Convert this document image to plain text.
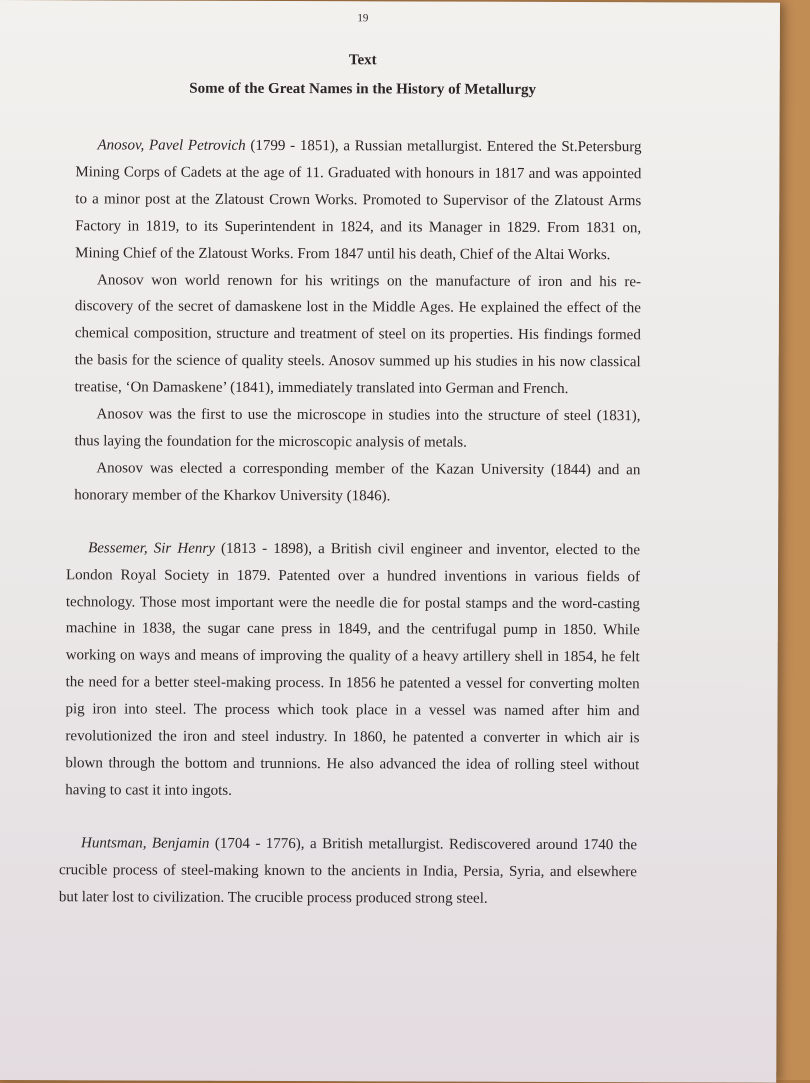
19
Text
Some of the Great Names in the History of Metallurgy

Anosov, Pavel Petrovich (1799 - 1851), a Russian metallurgist. Entered the St.Petersburg Mining Corps of Cadets at the age of 11. Graduated with honours in 1817 and was appointed to a minor post at the Zlatoust Crown Works. Promoted to Supervisor of the Zlatoust Arms Factory in 1819, to its Superintendent in 1824, and its Manager in 1829. From 1831 on, Mining Chief of the Zlatoust Works. From 1847 until his death, Chief of the Altai Works.

Anosov won world renown for his writings on the manufacture of iron and his re-discovery of the secret of damaskene lost in the Middle Ages. He explained the effect of the chemical composition, structure and treatment of steel on its properties. His findings formed the basis for the science of quality steels. Anosov summed up his studies in his now classical treatise, ‘On Damaskene’ (1841), immediately translated into German and French.

Anosov was the first to use the microscope in studies into the structure of steel (1831), thus laying the foundation for the microscopic analysis of metals.

Anosov was elected a corresponding member of the Kazan University (1844) and an honorary member of the Kharkov University (1846).

Bessemer, Sir Henry (1813 - 1898), a British civil engineer and inventor, elected to the London Royal Society in 1879. Patented over a hundred inventions in various fields of technology. Those most important were the needle die for postal stamps and the word-casting machine in 1838, the sugar cane press in 1849, and the centrifugal pump in 1850. While working on ways and means of improving the quality of a heavy artillery shell in 1854, he felt the need for a better steel-making process. In 1856 he patented a vessel for converting molten pig iron into steel. The process which took place in a vessel was named after him and revolutionized the iron and steel industry. In 1860, he patented a converter in which air is blown through the bottom and trunnions. He also advanced the idea of rolling steel without having to cast it into ingots.

Huntsman, Benjamin (1704 - 1776), a British metallurgist. Rediscovered around 1740 the crucible process of steel-making known to the ancients in India, Persia, Syria, and elsewhere but later lost to civilization. The crucible process produced strong steel.
